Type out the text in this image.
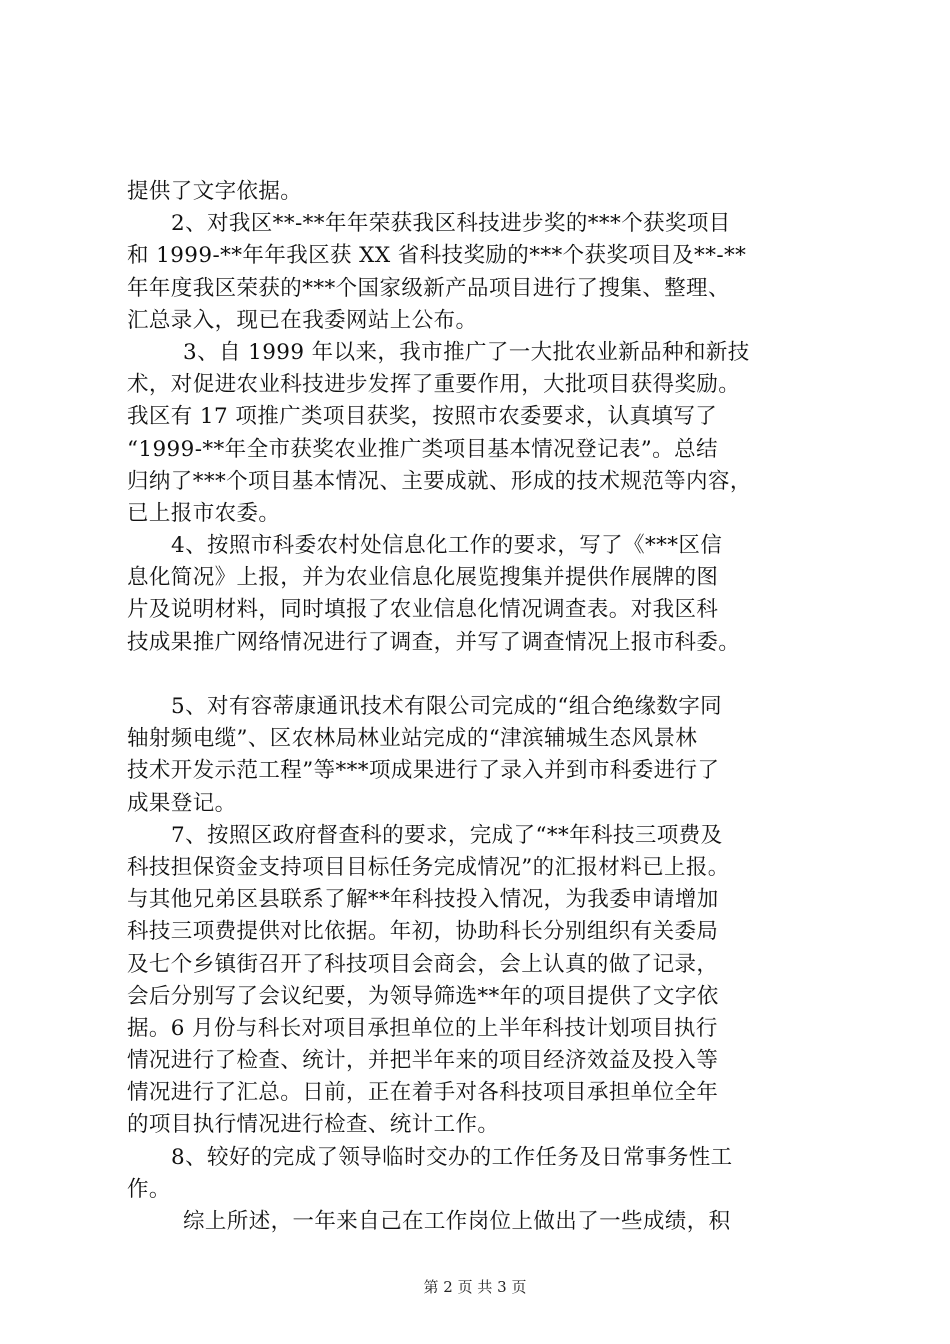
提供了文字依据。
2、对我区**-**年年荣获我区科技进步奖的***个获奖项目
和 1999-**年年我区获 XX 省科技奖励的***个获奖项目及**-**
年年度我区荣获的***个国家级新产品项目进行了搜集、整理、
汇总录入，现已在我委网站上公布。
3、自 1999 年以来，我市推广了一大批农业新品种和新技
术，对促进农业科技进步发挥了重要作用，大批项目获得奖励。
我区有 17 项推广类项目获奖，按照市农委要求，认真填写了
“1999-**年全市获奖农业推广类项目基本情况登记表”。总结
归纳了***个项目基本情况、主要成就、形成的技术规范等内容，
已上报市农委。
4、按照市科委农村处信息化工作的要求，写了《***区信
息化简况》上报，并为农业信息化展览搜集并提供作展牌的图
片及说明材料，同时填报了农业信息化情况调查表。对我区科
技成果推广网络情况进行了调查，并写了调查情况上报市科委。
5、对有容蒂康通讯技术有限公司完成的“组合绝缘数字同
轴射频电缆”、区农林局林业站完成的“津滨辅城生态风景林
技术开发示范工程”等***项成果进行了录入并到市科委进行了
成果登记。
7、按照区政府督查科的要求，完成了“**年科技三项费及
科技担保资金支持项目目标任务完成情况”的汇报材料已上报。
与其他兄弟区县联系了解**年科技投入情况，为我委申请增加
科技三项费提供对比依据。年初，协助科长分别组织有关委局
及七个乡镇街召开了科技项目会商会，会上认真的做了记录，
会后分别写了会议纪要，为领导筛选**年的项目提供了文字依
据。6 月份与科长对项目承担单位的上半年科技计划项目执行
情况进行了检查、统计，并把半年来的项目经济效益及投入等
情况进行了汇总。日前，正在着手对各科技项目承担单位全年
的项目执行情况进行检查、统计工作。
8、较好的完成了领导临时交办的工作任务及日常事务性工
作。
综上所述，一年来自己在工作岗位上做出了一些成绩，积
第 2 页 共 3 页
